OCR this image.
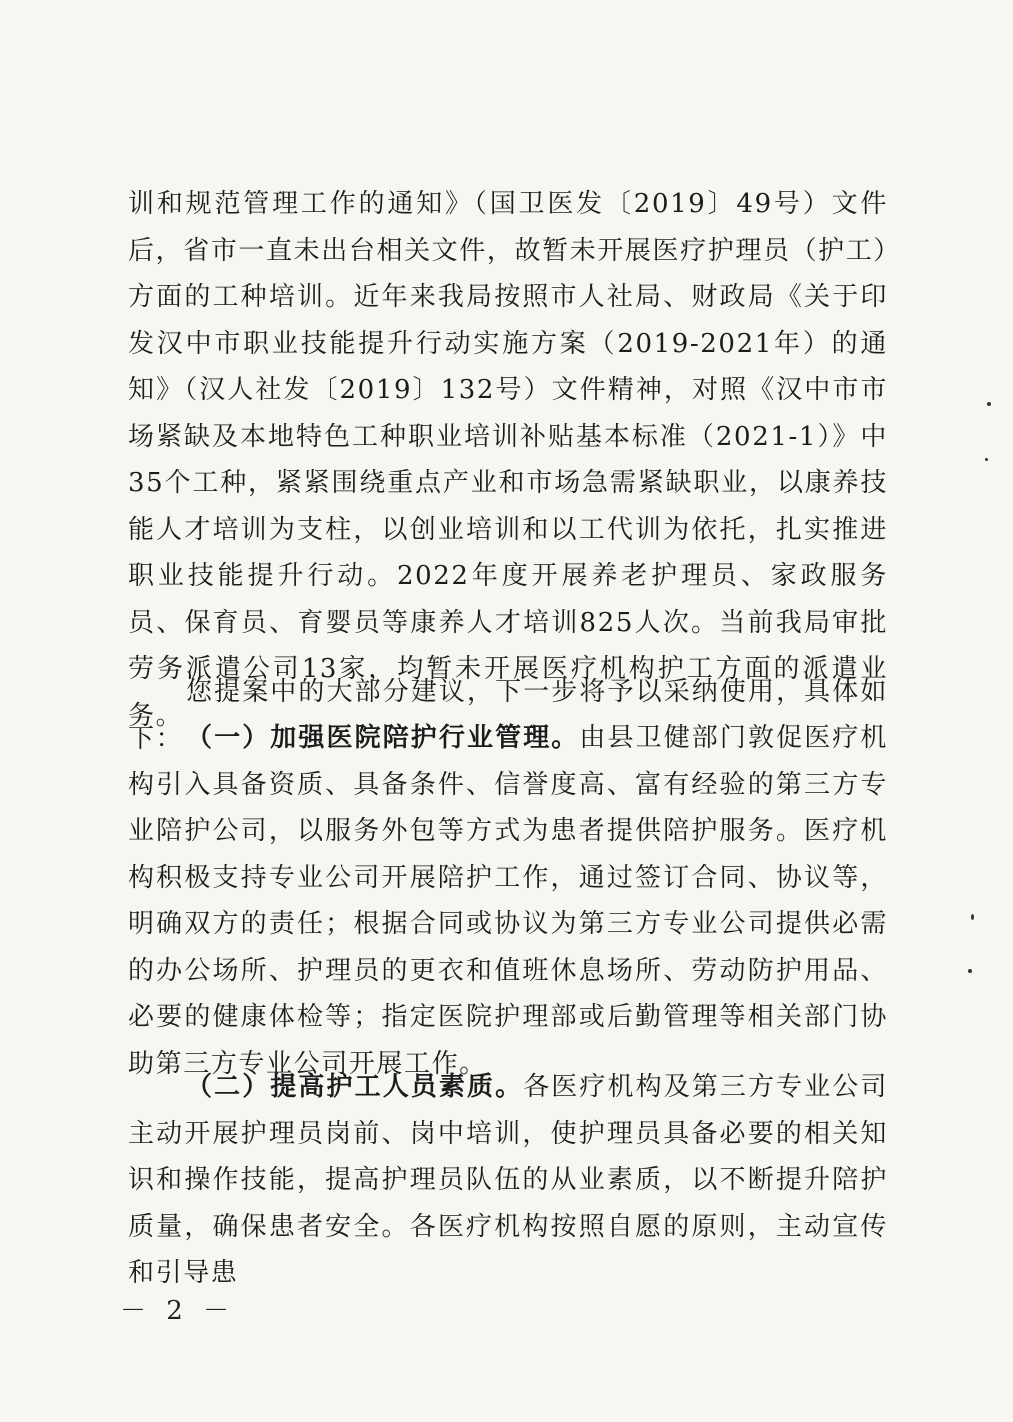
训和规范管理工作的通知》（国卫医发〔2019〕49号）文件后，省市一直未出台相关文件，故暂未开展医疗护理员（护工）方面的工种培训。近年来我局按照市人社局、财政局《关于印发汉中市职业技能提升行动实施方案（2019-2021年）的通知》（汉人社发〔2019〕132号）文件精神，对照《汉中市市场紧缺及本地特色工种职业培训补贴基本标准（2021-1）》中35个工种，紧紧围绕重点产业和市场急需紧缺职业，以康养技能人才培训为支柱，以创业培训和以工代训为依托，扎实推进职业技能提升行动。2022年度开展养老护理员、家政服务员、保育员、育婴员等康养人才培训825人次。当前我局审批劳务派遣公司13家，均暂未开展医疗机构护工方面的派遣业务。

您提案中的大部分建议，下一步将予以采纳使用，具体如下： （一）加强医院陪护行业管理。由县卫健部门敦促医疗机构引入具备资质、具备条件、信誉度高、富有经验的第三方专业陪护公司，以服务外包等方式为患者提供陪护服务。医疗机构积极支持专业公司开展陪护工作，通过签订合同、协议等，明确双方的责任；根据合同或协议为第三方专业公司提供必需的办公场所、护理员的更衣和值班休息场所、劳动防护用品、必要的健康体检等；指定医院护理部或后勤管理等相关部门协助第三方专业公司开展工作。

（二）提高护工人员素质。各医疗机构及第三方专业公司主动开展护理员岗前、岗中培训，使护理员具备必要的相关知识和操作技能，提高护理员队伍的从业素质，以不断提升陪护质量，确保患者安全。各医疗机构按照自愿的原则，主动宣传和引导患

－ 2 －
